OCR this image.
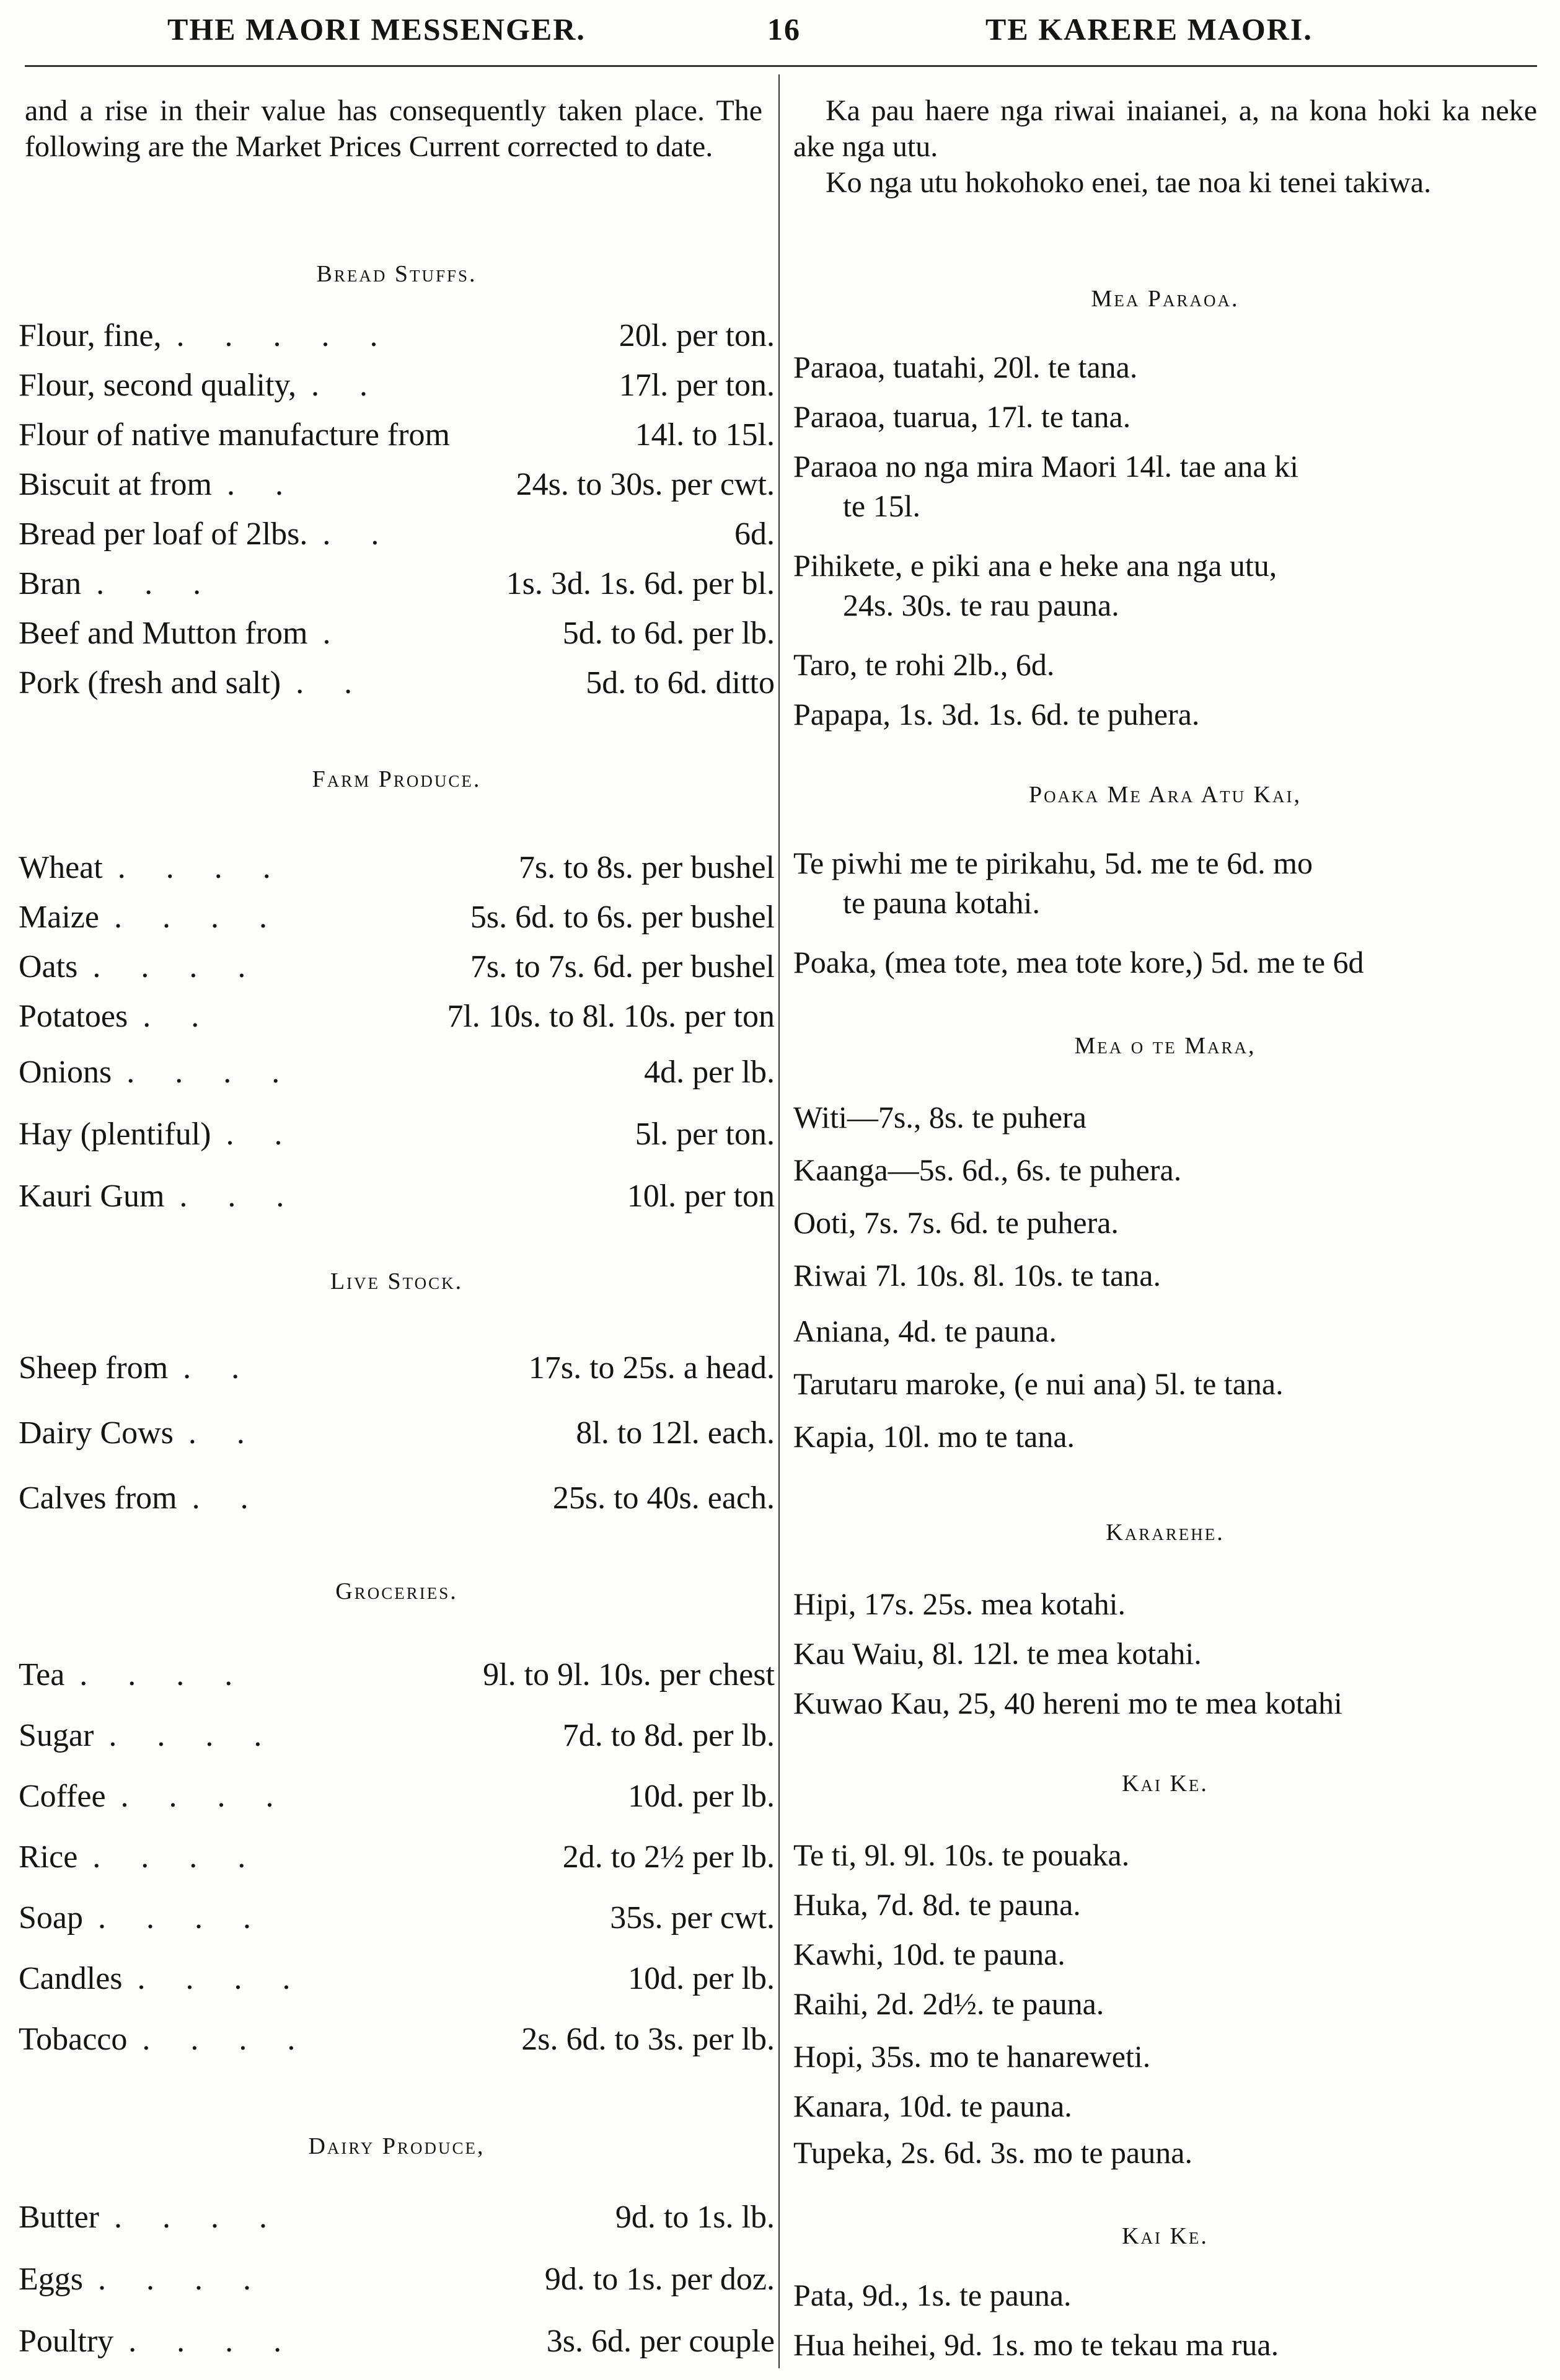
THE MAORI MESSENGER.	16	TE KARERE MAORI.

and a rise in their value has consequently taken place. The following are the Market Prices Current corrected to date.

Bread Stuffs.
Flour, fine, . . . . .	20l. per ton.
Flour, second quality, . .	17l. per ton.
Flour of native manufacture from	14l. to 15l.
Biscuit at from . .	24s. to 30s. per cwt.
Bread per loaf of 2lbs. . .	6d.
Bran . . .	1s. 3d. 1s. 6d. per bl.
Beef and Mutton from .	5d. to 6d. per lb.
Pork (fresh and salt) . .	5d. to 6d. ditto
Farm Produce.
Wheat . . . .	7s. to 8s. per bushel
Maize . . . .	5s. 6d. to 6s. per bushel
Oats . . . .	7s. to 7s. 6d. per bushel
Potatoes . .	7l. 10s. to 8l. 10s. per ton
Onions . . . .	4d. per lb.
Hay (plentiful) . .	5l. per ton.
Kauri Gum . . .	10l. per ton
Live Stock.
Sheep from . .	17s. to 25s. a head.
Dairy Cows . .	8l. to 12l. each.
Calves from . .	25s. to 40s. each.
Groceries.
Tea . . . .	9l. to 9l. 10s. per chest
Sugar . . . .	7d. to 8d. per lb.
Coffee . . . .	10d. per lb.
Rice . . . .	2d. to 2½ per lb.
Soap . . . .	35s. per cwt.
Candles . . . .	10d. per lb.
Tobacco . . . .	2s. 6d. to 3s. per lb.
Dairy Produce,
Butter . . . .	9d. to 1s. lb.
Eggs . . . .	9d. to 1s. per doz.
Poultry . . . .	3s. 6d. per couple

Ka pau haere nga riwai inaianei, a, na kona hoki ka neke ake nga utu.

Ko nga utu hokohoko enei, tae noa ki tenei takiwa.

Mea Paraoa.
Paraoa, tuatahi, 20l. te tana.
Paraoa, tuarua, 17l. te tana.
Paraoa no nga mira Maori 14l. tae ana ki
te 15l.
Pihikete, e piki ana e heke ana nga utu,
24s. 30s. te rau pauna.
Taro, te rohi 2lb., 6d.
Papapa, 1s. 3d. 1s. 6d. te puhera.
Poaka Me Ara Atu Kai,
Te piwhi me te pirikahu, 5d. me te 6d. mo
te pauna kotahi.
Poaka, (mea tote, mea tote kore,) 5d. me te 6d
Mea o te Mara,
Witi—7s., 8s. te puhera
Kaanga—5s. 6d., 6s. te puhera.
Ooti, 7s. 7s. 6d. te puhera.
Riwai 7l. 10s. 8l. 10s. te tana.
Aniana, 4d. te pauna.
Tarutaru maroke, (e nui ana) 5l. te tana.
Kapia, 10l. mo te tana.
Kararehe.
Hipi, 17s. 25s. mea kotahi.
Kau Waiu, 8l. 12l. te mea kotahi.
Kuwao Kau, 25, 40 hereni mo te mea kotahi
Kai Ke.
Te ti, 9l. 9l. 10s. te pouaka.
Huka, 7d. 8d. te pauna.
Kawhi, 10d. te pauna.
Raihi, 2d. 2d½. te pauna.
Hopi, 35s. mo te hanareweti.
Kanara, 10d. te pauna.
Tupeka, 2s. 6d. 3s. mo te pauna.
Kai Ke.
Pata, 9d., 1s. te pauna.
Hua heihei, 9d. 1s. mo te tekau ma rua.
